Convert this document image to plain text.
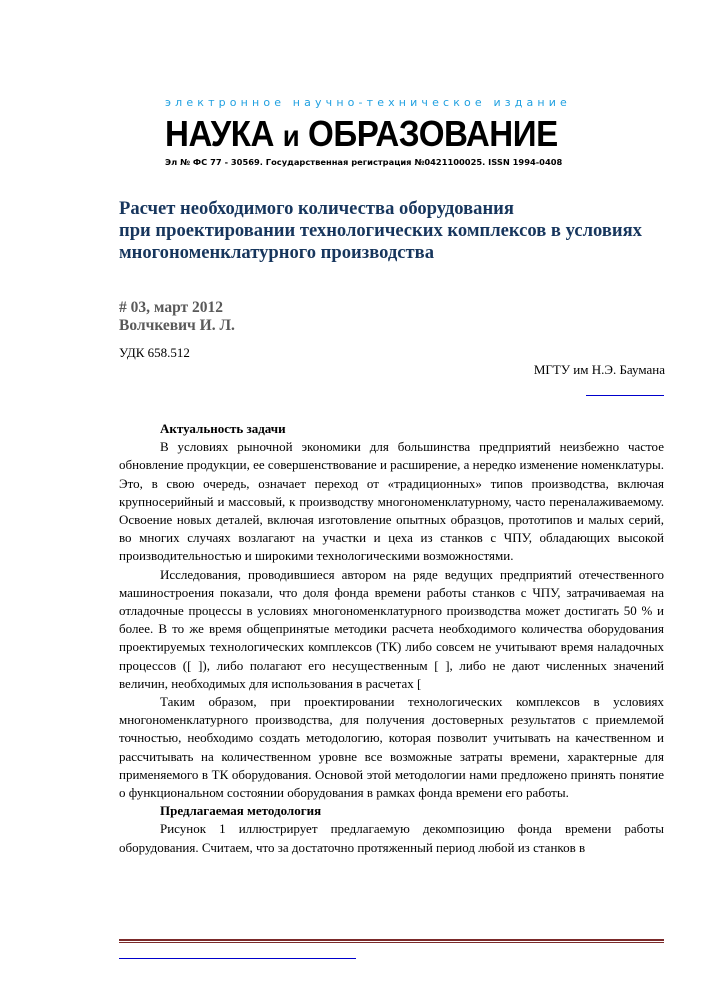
электронное научно-техническое издание
НАУКА и ОБРАЗОВАНИЕ
Эл № ФС 77 - 30569. Государственная регистрация №0421100025. ISSN 1994-0408
Расчет необходимого количества оборудования
при проектировании технологических комплексов в условиях
многономенклатурного производства
# 03, март 2012
Волчкевич И. Л.
УДК 658.512
МГТУ им Н.Э. Баумана
Актуальность задачи

В условиях рыночной экономики для большинства предприятий неизбежно частое обновление продукции, ее совершенствование и расширение, а нередко изменение номенклатуры. Это, в свою очередь, означает переход от «традиционных» типов производства, включая крупносерийный и массовый, к производству многономенклатурному, часто переналаживаемому. Освоение новых деталей, включая изготовление опытных образцов, прототипов и малых серий, во многих случаях возлагают на участки и цеха из станков с ЧПУ, обладающих высокой производительностью и широкими технологическими возможностями.

Исследования, проводившиеся автором на ряде ведущих предприятий отечественного машиностроения показали, что доля фонда времени работы станков с ЧПУ, затрачиваемая на отладочные процессы в условиях многономенклатурного производства может достигать 50 % и более. В то же время общепринятые методики расчета необходимого количества оборудования проектируемых технологических комплексов (ТК) либо совсем не учитывают время наладочных процессов ([ ]), либо полагают его несущественным [ ], либо не дают численных значений величин, необходимых для использования в расчетах [

Таким образом, при проектировании технологических комплексов в условиях многономенклатурного производства, для получения достоверных результатов с приемлемой точностью, необходимо создать методологию, которая позволит учитывать на качественном и рассчитывать на количественном уровне все возможные затраты времени, характерные для применяемого в ТК оборудования. Основой этой методологии нами предложено принять понятие о функциональном состоянии оборудования в рамках фонда времени его работы.

Предлагаемая методология

Рисунок 1 иллюстрирует предлагаемую декомпозицию фонда времени работы оборудования. Считаем, что за достаточно протяженный период любой из станков в
